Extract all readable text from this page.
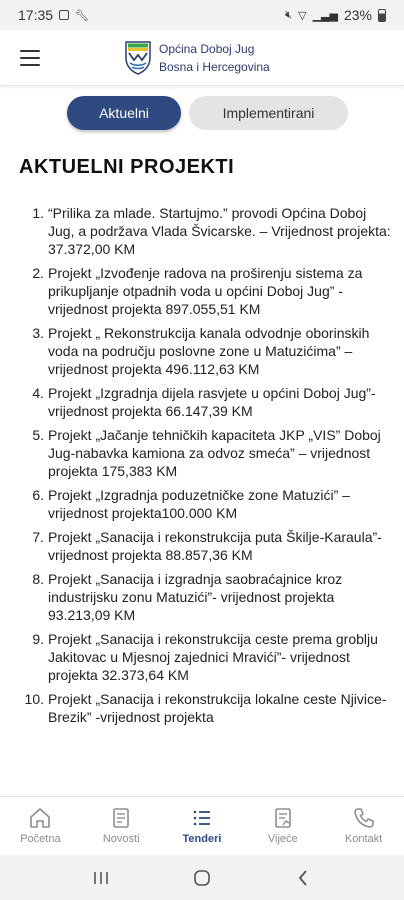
17:35 🔧︎	🔇︎ ▽ ▁▃▅ 23%
Općina Doboj Jug
Bosna i Hercegovina
Aktuelni	Implementirani
AKTUELNI PROJEKTI
1. “Prilika za mlade. Startujmo.” provodi Općina Doboj Jug, a podržava Vlada Švicarske. – Vrijednost projekta: 37.372,00 KM
2. Projekt „Izvođenje radova na proširenju sistema za prikupljanje otpadnih voda u općini Doboj Jug” -vrijednost projekta 897.055,51 KM
3. Projekt „ Rekonstrukcija kanala odvodnje oborinskih voda na području poslovne zone u Matuzićima” – vrijednost projekta 496.112,63 KM
4. Projekt „Izgradnja dijela rasvjete u općini Doboj Jug”- vrijednost projekta 66.147,39 KM
5. Projekt „Jačanje tehničkih kapaciteta JKP „VIS” Doboj Jug-nabavka kamiona za odvoz smeća” – vrijednost projekta 175,383 KM
6. Projekt „Izgradnja poduzetničke zone Matuzići” – vrijednost projekta100.000 KM
7. Projekt „Sanacija i rekonstrukcija puta Škilje-Karaula”- vrijednost projekta 88.857,36 KM
8. Projekt „Sanacija i izgradnja saobraćajnice kroz industrijsku zonu Matuzići”- vrijednost projekta 93.213,09 KM
9. Projekt „Sanacija i rekonstrukcija ceste prema groblju Jakitovac u Mjesnoj zajednici Mravići”- vrijednost projekta 32.373,64 KM
10. Projekt „Sanacija i rekonstrukcija lokalne ceste Njivice-Brezik” -vrijednost projekta
Početna	Novosti	Tenderi	Vijeće	Kontakt
